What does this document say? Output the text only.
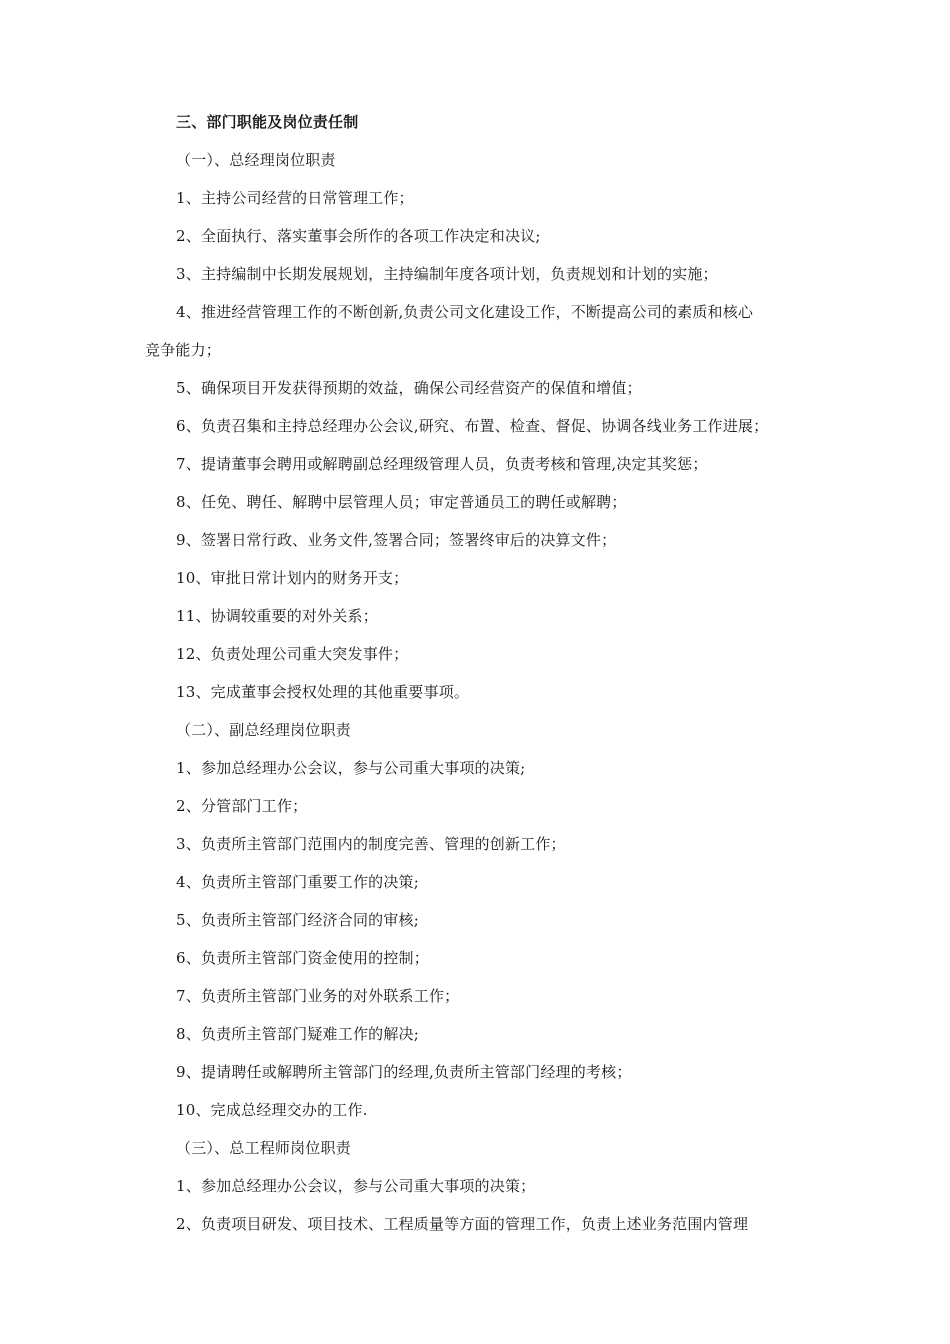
三、部门职能及岗位责任制
（一）、总经理岗位职责
1、主持公司经营的日常管理工作；
2、全面执行、落实董事会所作的各项工作决定和决议;
3、主持编制中长期发展规划，主持编制年度各项计划，负责规划和计划的实施；
4、推进经营管理工作的不断创新,负责公司文化建设工作，不断提高公司的素质和核心
竞争能力；
5、确保项目开发获得预期的效益，确保公司经营资产的保值和增值；
6、负责召集和主持总经理办公会议,研究、布置、检查、督促、协调各线业务工作进展；
7、提请董事会聘用或解聘副总经理级管理人员，负责考核和管理,决定其奖惩；
8、任免、聘任、解聘中层管理人员；审定普通员工的聘任或解聘；
9、签署日常行政、业务文件,签署合同；签署终审后的决算文件；
10、审批日常计划内的财务开支；
11、协调较重要的对外关系；
12、负责处理公司重大突发事件；
13、完成董事会授权处理的其他重要事项。
（二）、副总经理岗位职责
1、参加总经理办公会议，参与公司重大事项的决策;
2、分管部门工作；
3、负责所主管部门范围内的制度完善、管理的创新工作；
4、负责所主管部门重要工作的决策;
5、负责所主管部门经济合同的审核;
6、负责所主管部门资金使用的控制；
7、负责所主管部门业务的对外联系工作；
8、负责所主管部门疑难工作的解决;
9、提请聘任或解聘所主管部门的经理,负责所主管部门经理的考核；
10、完成总经理交办的工作.
（三）、总工程师岗位职责
1、参加总经理办公会议，参与公司重大事项的决策；
2、负责项目研发、项目技术、工程质量等方面的管理工作，负责上述业务范围内管理
